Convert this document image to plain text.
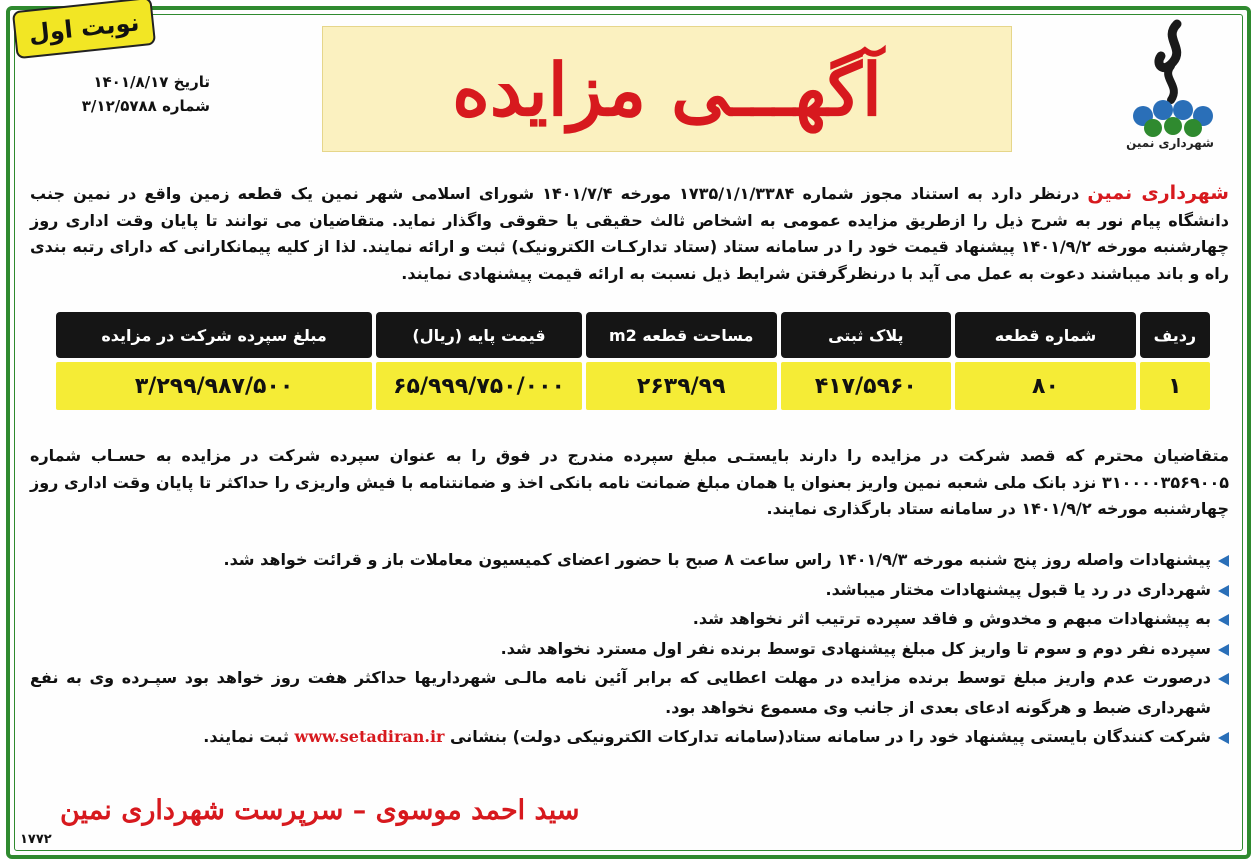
نوبت اول
تاریخ ۱۴۰۱/۸/۱۷
شماره ۳/۱۲/۵۷۸۸	آگهـــی مزایده
شهرداری نمین
شهرداری نمین درنظر دارد به استناد مجوز شماره ۱۷۳۵/۱/۱/۳۳۸۴ مورخه ۱۴۰۱/۷/۴ شورای اسلامی شهر نمین یک قطعه زمین واقع در نمین جنب دانشگاه پیام نور به شرح ذیل را ازطریق مزایده عمومی به اشخاص ثالث حقیقی یا حقوقی واگذار نماید. متقاضیان می توانند تا پایان وقت اداری روز چهارشنبه مورخه ۱۴۰۱/۹/۲ پیشنهاد قیمت خود را در سامانه ستاد (ستاد تدارکـات الکترونیک) ثبت و ارائه نمایند. لذا از کلیه پیمانکارانی که دارای رتبه بندی راه و باند میباشند دعوت به عمل می آید با درنظرگرفتن شرایط ذیل نسبت به ارائه قیمت پیشنهادی نمایند.
ردیف	شماره قطعه	پلاک ثبتی	مساحت قطعه m2	قیمت پایه (ریال)	مبلغ سپرده شرکت در مزایده
۱	۸۰	۴۱۷/۵۹۶۰	۲۶۳۹/۹۹	۶۵/۹۹۹/۷۵۰/۰۰۰	۳/۲۹۹/۹۸۷/۵۰۰
متقاضیان محترم که قصد شرکت در مزایده را دارند بایستـی مبلغ سپرده مندرج در فوق را به عنوان سپرده شرکت در مزایده به حسـاب شماره ۳۱۰۰۰۰۳۵۶۹۰۰۵ نزد بانک ملی شعبه نمین واریز بعنوان یا همان مبلغ ضمانت نامه بانکی اخذ و ضمانتنامه با فیش واریزی را حداکثر تا پایان وقت اداری روز چهارشنبه مورخه ۱۴۰۱/۹/۲ در سامانه ستاد بارگذاری نمایند.
پیشنهادات واصله روز پنج شنبه مورخه ۱۴۰۱/۹/۳ راس ساعت ۸ صبح با حضور اعضای کمیسیون معاملات باز و قرائت خواهد شد.
شهرداری در رد یا قبول پیشنهادات مختار میباشد.
به پیشنهادات مبهم و مخدوش و فاقد سپرده ترتیب اثر نخواهد شد.
سپرده نفر دوم و سوم تا واریز کل مبلغ پیشنهادی توسط برنده نفر اول مسترد نخواهد شد.
درصورت عدم واریز مبلغ توسط برنده مزایده در مهلت اعطایی که برابر آئین نامه مالـی شهرداریها حداکثر هفت روز خواهد بود سپـرده وی به نفع شهرداری ضبط و هرگونه ادعای بعدی از جانب وی مسموع نخواهد بود.
شرکت کنندگان بایستی پیشنهاد خود را در سامانه ستاد(سامانه تدارکات الکترونیکی دولت) بنشانی www.setadiran.ir ثبت نمایند.
سید احمد موسوی – سرپرست شهرداری نمین
۱۷۷۲
